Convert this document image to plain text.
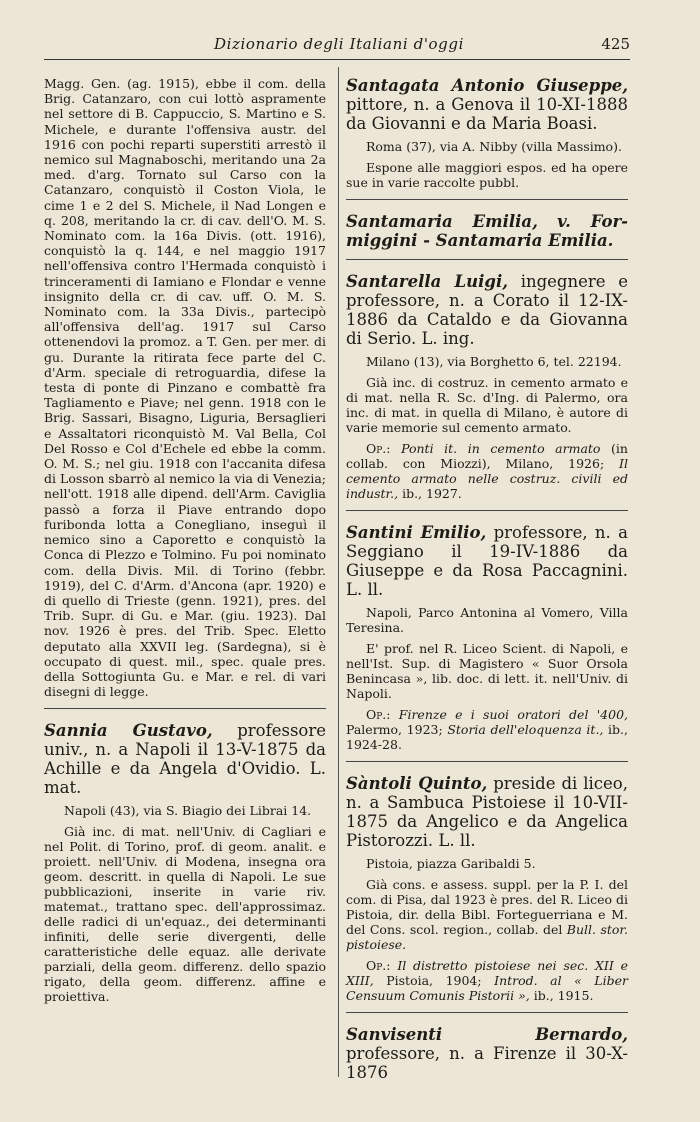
Dizionario degli Italiani d'oggi	425

Magg. Gen. (ag. 1915), ebbe il com. della Brig. Catanzaro, con cui lottò aspramente nel settore di B. Cappuccio, S. Martino e S. Michele, e durante l'offensiva austr. del 1916 con pochi reparti superstiti arrestò il nemico sul Magnaboschi, meritando una 2a med. d'arg. Tornato sul Carso con la Catanzaro, conquistò il Coston Viola, le cime 1 e 2 del S. Michele, il Nad Longen e q. 208, meritando la cr. di cav. dell'O. M. S. Nominato com. la 16a Divis. (ott. 1916), conquistò la q. 144, e nel maggio 1917 nell'offensiva contro l'Hermada conquistò i trinceramenti di Iamiano e Flondar e venne insignito della cr. di cav. uff. O. M. S. Nominato com. la 33a Divis., partecipò all'offensiva dell'ag. 1917 sul Carso ottenendovi la promoz. a T. Gen. per mer. di gu. Durante la ritirata fece parte del C. d'Arm. speciale di retroguardia, difese la testa di ponte di Pinzano e combattè fra Tagliamento e Piave; nel genn. 1918 con le Brig. Sassari, Bisagno, Liguria, Bersaglieri e Assaltatori riconquistò M. Val Bella, Col Del Rosso e Col d'Echele ed ebbe la comm. O. M. S.; nel giu. 1918 con l'accanita difesa di Losson sbarrò al nemico la via di Venezia; nell'ott. 1918 alle dipend. dell'Arm. Caviglia passò a forza il Piave entrando dopo furibonda lotta a Conegliano, inseguì il nemico sino a Caporetto e conquistò la Conca di Plezzo e Tolmino. Fu poi nominato com. della Divis. Mil. di Torino (febbr. 1919), del C. d'Arm. d'Ancona (apr. 1920) e di quello di Trieste (genn. 1921), pres. del Trib. Supr. di Gu. e Mar. (giu. 1923). Dal nov. 1926 è pres. del Trib. Spec. Eletto deputato alla XXVII leg. (Sardegna), si è occupato di quest. mil., spec. quale pres. della Sottogiunta Gu. e Mar. e rel. di vari disegni di legge.

Sannia Gustavo, professore univ., n. a Napoli il 13-V-1875 da Achille e da Angela d'Ovidio. L. mat.

Napoli (43), via S. Biagio dei Librai 14.

Già inc. di mat. nell'Univ. di Cagliari e nel Polit. di Torino, prof. di geom. analit. e proiett. nell'Univ. di Modena, insegna ora geom. descritt. in quella di Napoli. Le sue pubblicazioni, inserite in varie riv. matemat., trattano spec. dell'approssimaz. delle radici di un'equaz., dei determinanti infiniti, delle serie divergenti, delle caratteristiche delle equaz. alle derivate parziali, della geom. differenz. dello spazio rigato, della geom. differenz. affine e proiettiva.

Santagata Antonio Giuseppe, pittore, n. a Genova il 10-XI-1888 da Giovanni e da Maria Boasi.

Roma (37), via A. Nibby (villa Massimo).

Espone alle maggiori espos. ed ha opere sue in varie raccolte pubbl.

Santamaria Emilia, v. For-miggini - Santamaria Emilia.

Santarella Luigi, ingegnere e professore, n. a Corato il 12-IX-1886 da Cataldo e da Giovanna di Serio. L. ing.

Milano (13), via Borghetto 6, tel. 22194.

Già inc. di costruz. in cemento armato e di mat. nella R. Sc. d'Ing. di Palermo, ora inc. di mat. in quella di Milano, è autore di varie memorie sul cemento armato.

Op.: Ponti it. in cemento armato (in collab. con Miozzi), Milano, 1926; Il cemento armato nelle costruz. civili ed industr., ib., 1927.

Santini Emilio, professore, n. a Seggiano il 19-IV-1886 da Giuseppe e da Rosa Paccagnini. L. ll.

Napoli, Parco Antonina al Vomero, Villa Teresina.

E' prof. nel R. Liceo Scient. di Napoli, e nell'Ist. Sup. di Magistero « Suor Orsola Benincasa », lib. doc. di lett. it. nell'Univ. di Napoli.

Op.: Firenze e i suoi oratori del '400, Palermo, 1923; Storia dell'eloquenza it., ib., 1924-28.

Sàntoli Quinto, preside di liceo, n. a Sambuca Pistoiese il 10-VII-1875 da Angelico e da Angelica Pistorozzi. L. ll.

Pistoia, piazza Garibaldi 5.

Già cons. e assess. suppl. per la P. I. del com. di Pisa, dal 1923 è pres. del R. Liceo di Pistoia, dir. della Bibl. Forteguerriana e M. del Cons. scol. region., collab. del Bull. stor. pistoiese.

Op.: Il distretto pistoiese nei sec. XII e XIII, Pistoia, 1904; Introd. al « Liber Censuum Comunis Pistorii », ib., 1915.

Sanvisenti Bernardo, professore, n. a Firenze il 30-X-1876
